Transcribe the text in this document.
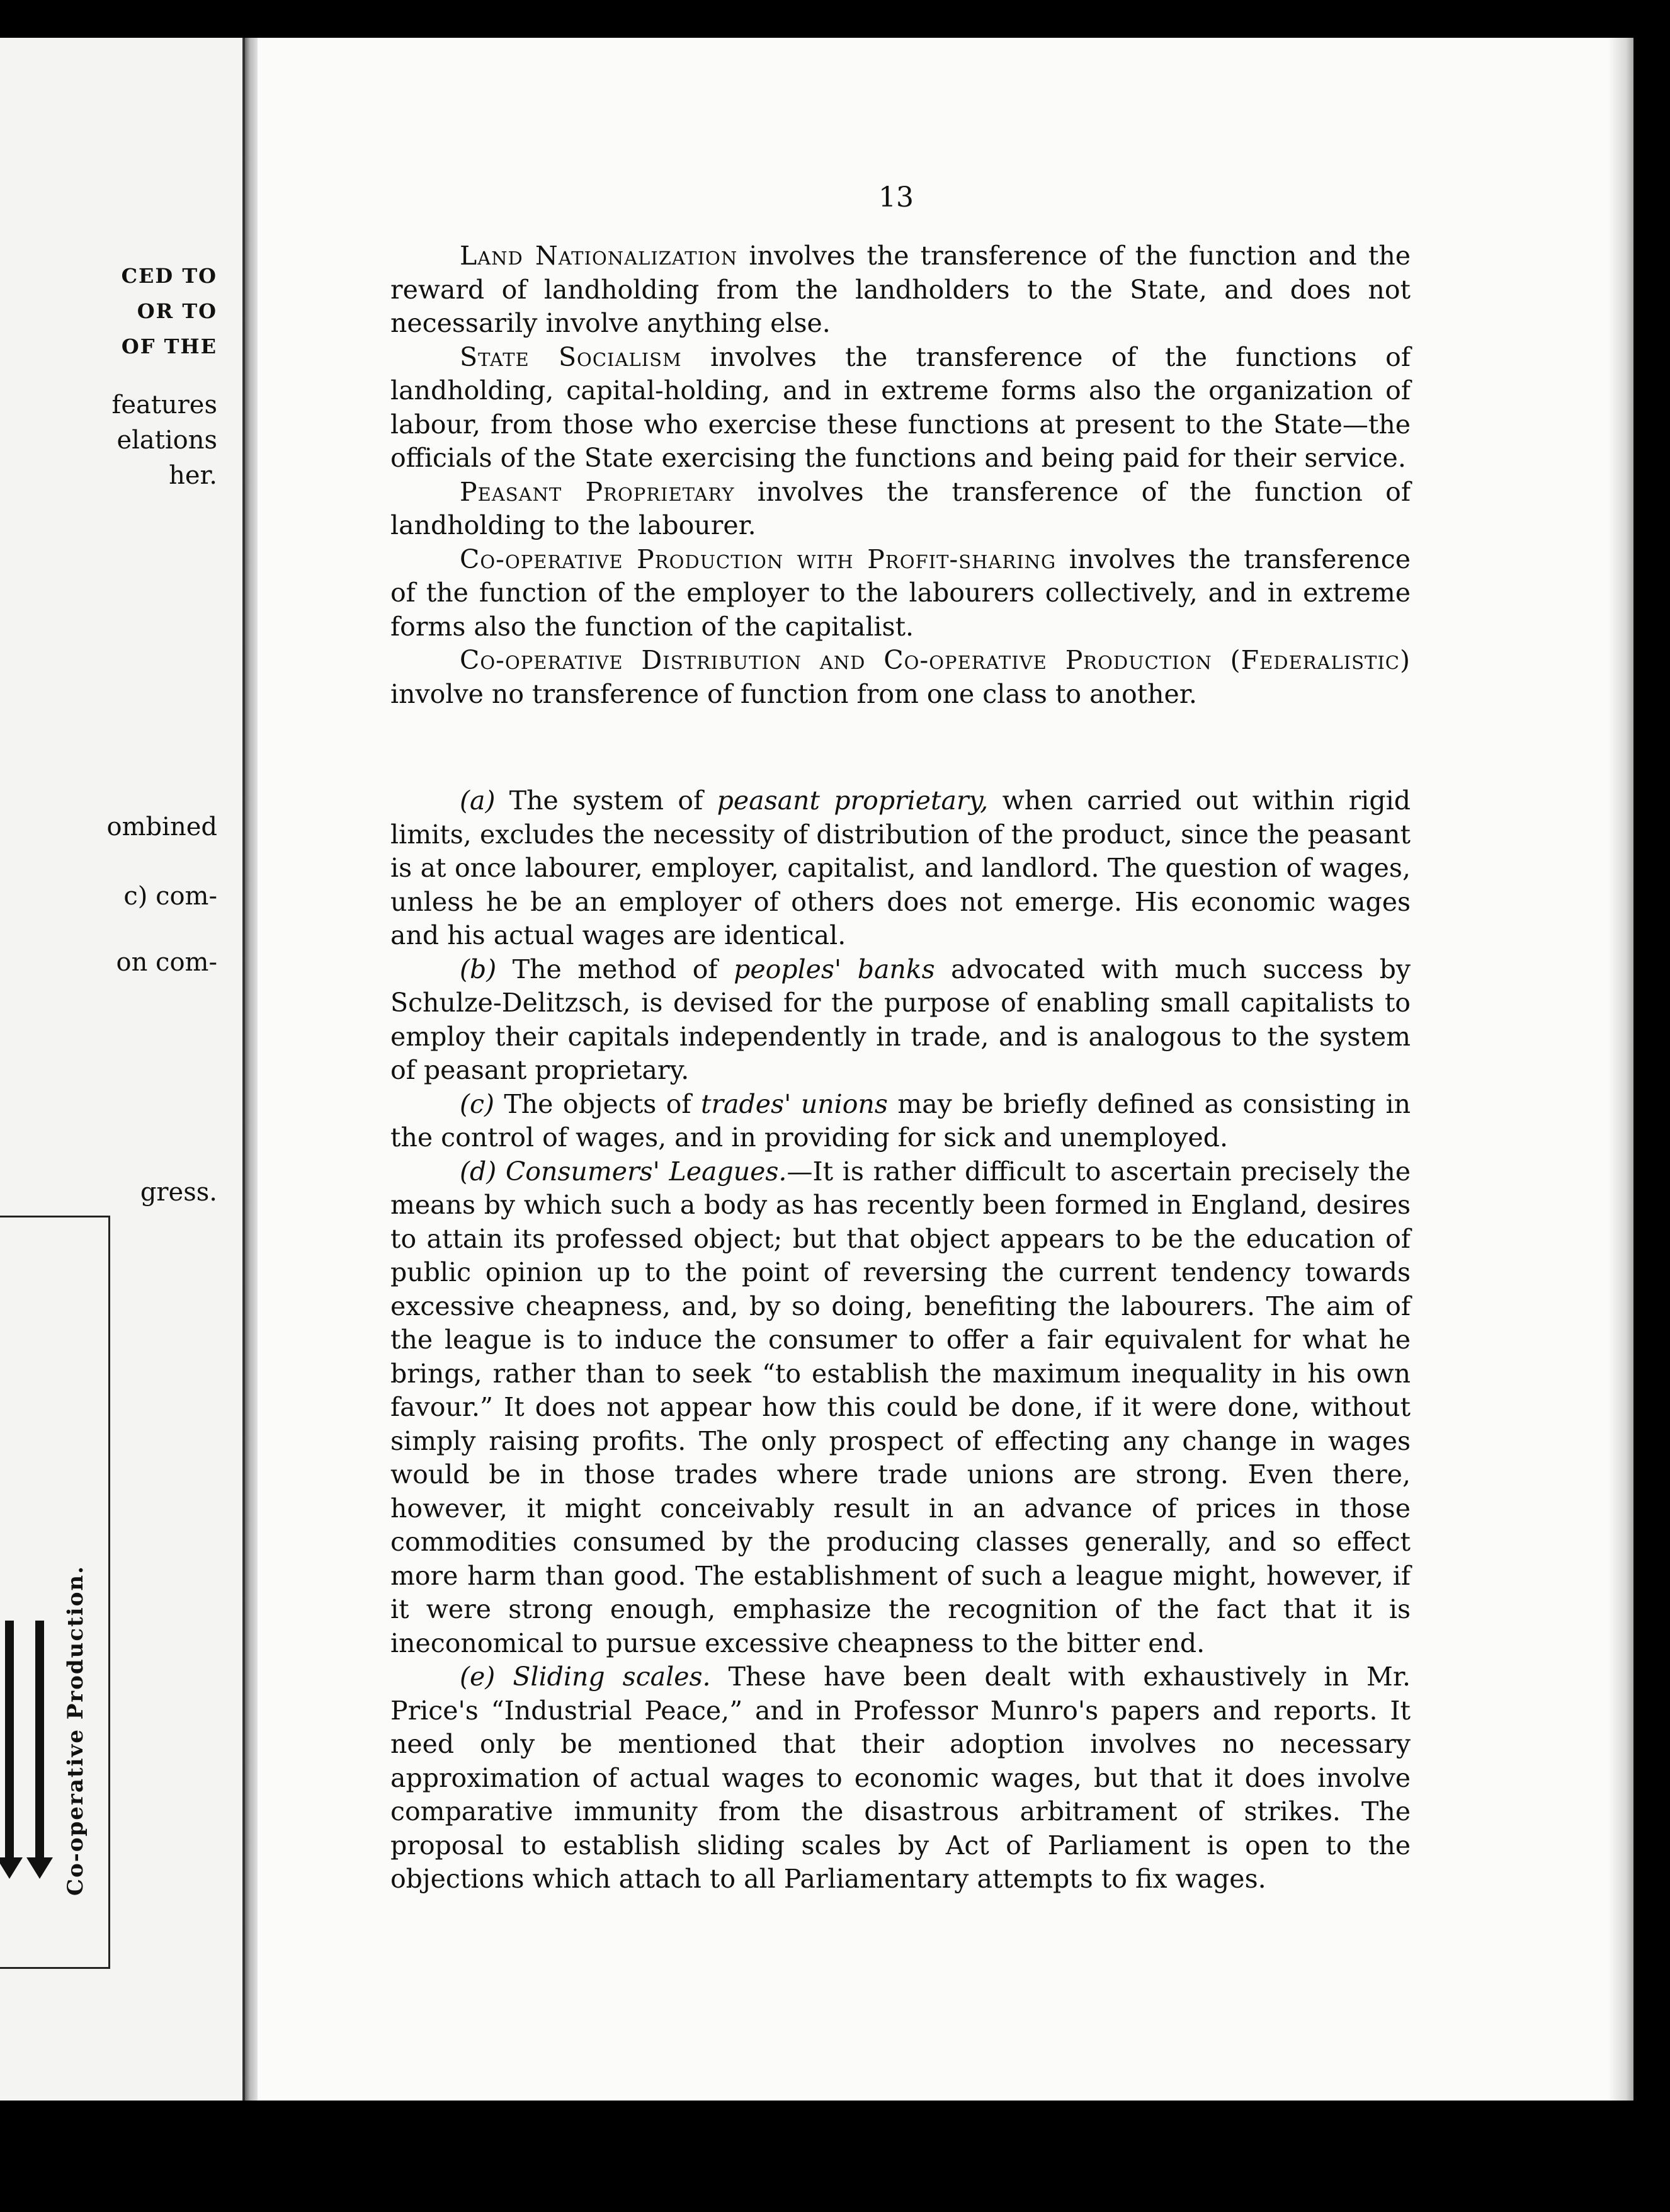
CED TO

OR TO

OF THE

features

elations

her.

ombined

c) com-

on com-

gress.

Co-operative Production.

13

Land Nationalization involves the transference of the function and the reward of landholding from the landholders to the State, and does not necessarily involve anything else.

State Socialism involves the transference of the functions of landholding, capital-holding, and in extreme forms also the organization of labour, from those who exercise these functions at present to the State—the officials of the State exercising the functions and being paid for their service.

Peasant Proprietary involves the transference of the function of landholding to the labourer.

Co-operative Production with Profit-sharing involves the transference of the function of the employer to the labourers collectively, and in extreme forms also the function of the capitalist.

Co-operative Distribution and Co-operative Production (Federalistic) involve no transference of function from one class to another.

(a) The system of peasant proprietary, when carried out within rigid limits, excludes the necessity of distribution of the product, since the peasant is at once labourer, employer, capitalist, and landlord. The question of wages, unless he be an employer of others does not emerge. His economic wages and his actual wages are identical.

(b) The method of peoples' banks advocated with much success by Schulze-Delitzsch, is devised for the purpose of enabling small capitalists to employ their capitals independently in trade, and is analogous to the system of peasant proprietary.

(c) The objects of trades' unions may be briefly defined as consisting in the control of wages, and in providing for sick and unemployed.

(d) Consumers' Leagues.—It is rather difficult to ascertain precisely the means by which such a body as has recently been formed in England, desires to attain its professed object; but that object appears to be the education of public opinion up to the point of reversing the current tendency towards excessive cheapness, and, by so doing, benefiting the labourers. The aim of the league is to induce the consumer to offer a fair equivalent for what he brings, rather than to seek “to establish the maximum inequality in his own favour.” It does not appear how this could be done, if it were done, without simply raising profits. The only prospect of effecting any change in wages would be in those trades where trade unions are strong. Even there, however, it might conceivably result in an advance of prices in those commodities consumed by the producing classes generally, and so effect more harm than good. The establishment of such a league might, however, if it were strong enough, emphasize the recognition of the fact that it is ineconomical to pursue excessive cheapness to the bitter end.

(e) Sliding scales. These have been dealt with exhaustively in Mr. Price's “Industrial Peace,” and in Professor Munro's papers and reports. It need only be mentioned that their adoption involves no necessary approximation of actual wages to economic wages, but that it does involve comparative immunity from the disastrous arbitrament of strikes. The proposal to establish sliding scales by Act of Parliament is open to the objections which attach to all Parliamentary attempts to fix wages.
